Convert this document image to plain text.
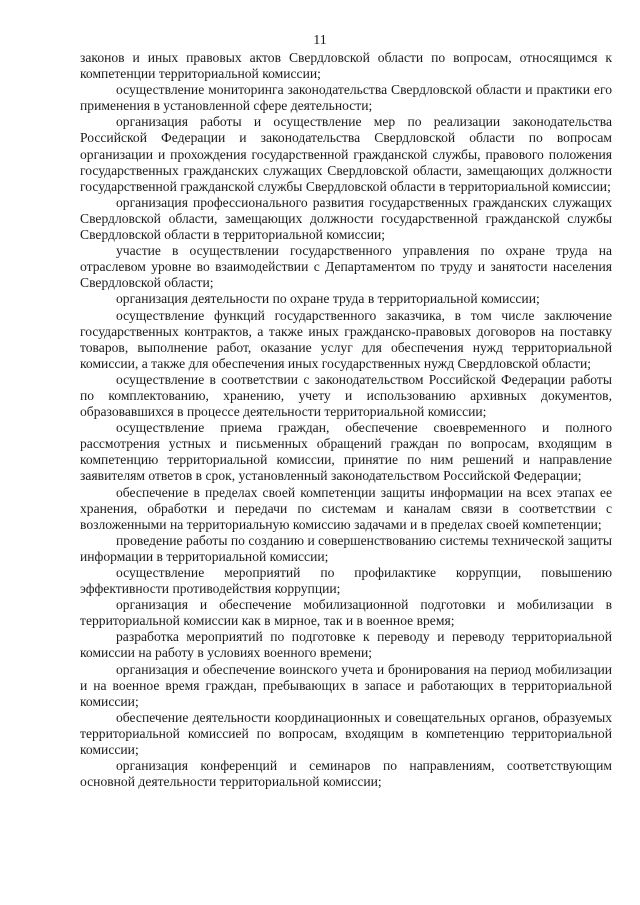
11

законов и иных правовых актов Свердловской области по вопросам, относящимся к компетенции территориальной комиссии;

осуществление мониторинга законодательства Свердловской области и практики его применения в установленной сфере деятельности;

организация работы и осуществление мер по реализации законодательства Российской Федерации и законодательства Свердловской области по вопросам организации и прохождения государственной гражданской службы, правового положения государственных гражданских служащих Свердловской области, замещающих должности государственной гражданской службы Свердловской области в территориальной комиссии;

организация профессионального развития государственных гражданских служащих Свердловской области, замещающих должности государственной гражданской службы Свердловской области в территориальной комиссии;

участие в осуществлении государственного управления по охране труда на отраслевом уровне во взаимодействии с Департаментом по труду и занятости населения Свердловской области;

организация деятельности по охране труда в территориальной комиссии;

осуществление функций государственного заказчика, в том числе заключение государственных контрактов, а также иных гражданско-правовых договоров на поставку товаров, выполнение работ, оказание услуг для обеспечения нужд территориальной комиссии, а также для обеспечения иных государственных нужд Свердловской области;

осуществление в соответствии с законодательством Российской Федерации работы по комплектованию, хранению, учету и использованию архивных документов, образовавшихся в процессе деятельности территориальной комиссии;

осуществление приема граждан, обеспечение своевременного и полного рассмотрения устных и письменных обращений граждан по вопросам, входящим в компетенцию территориальной комиссии, принятие по ним решений и направление заявителям ответов в срок, установленный законодательством Российской Федерации;

обеспечение в пределах своей компетенции защиты информации на всех этапах ее хранения, обработки и передачи по системам и каналам связи в соответствии с возложенными на территориальную комиссию задачами и в пределах своей компетенции;

проведение работы по созданию и совершенствованию системы технической защиты информации в территориальной комиссии;

осуществление мероприятий по профилактике коррупции, повышению эффективности противодействия коррупции;

организация и обеспечение мобилизационной подготовки и мобилизации в территориальной комиссии как в мирное, так и в военное время;

разработка мероприятий по подготовке к переводу и переводу территориальной комиссии на работу в условиях военного времени;

организация и обеспечение воинского учета и бронирования на период мобилизации и на военное время граждан, пребывающих в запасе и работающих в территориальной комиссии;

обеспечение деятельности координационных и совещательных органов, образуемых территориальной комиссией по вопросам, входящим в компетенцию территориальной комиссии;

организация конференций и семинаров по направлениям, соответствующим основной деятельности территориальной комиссии;
